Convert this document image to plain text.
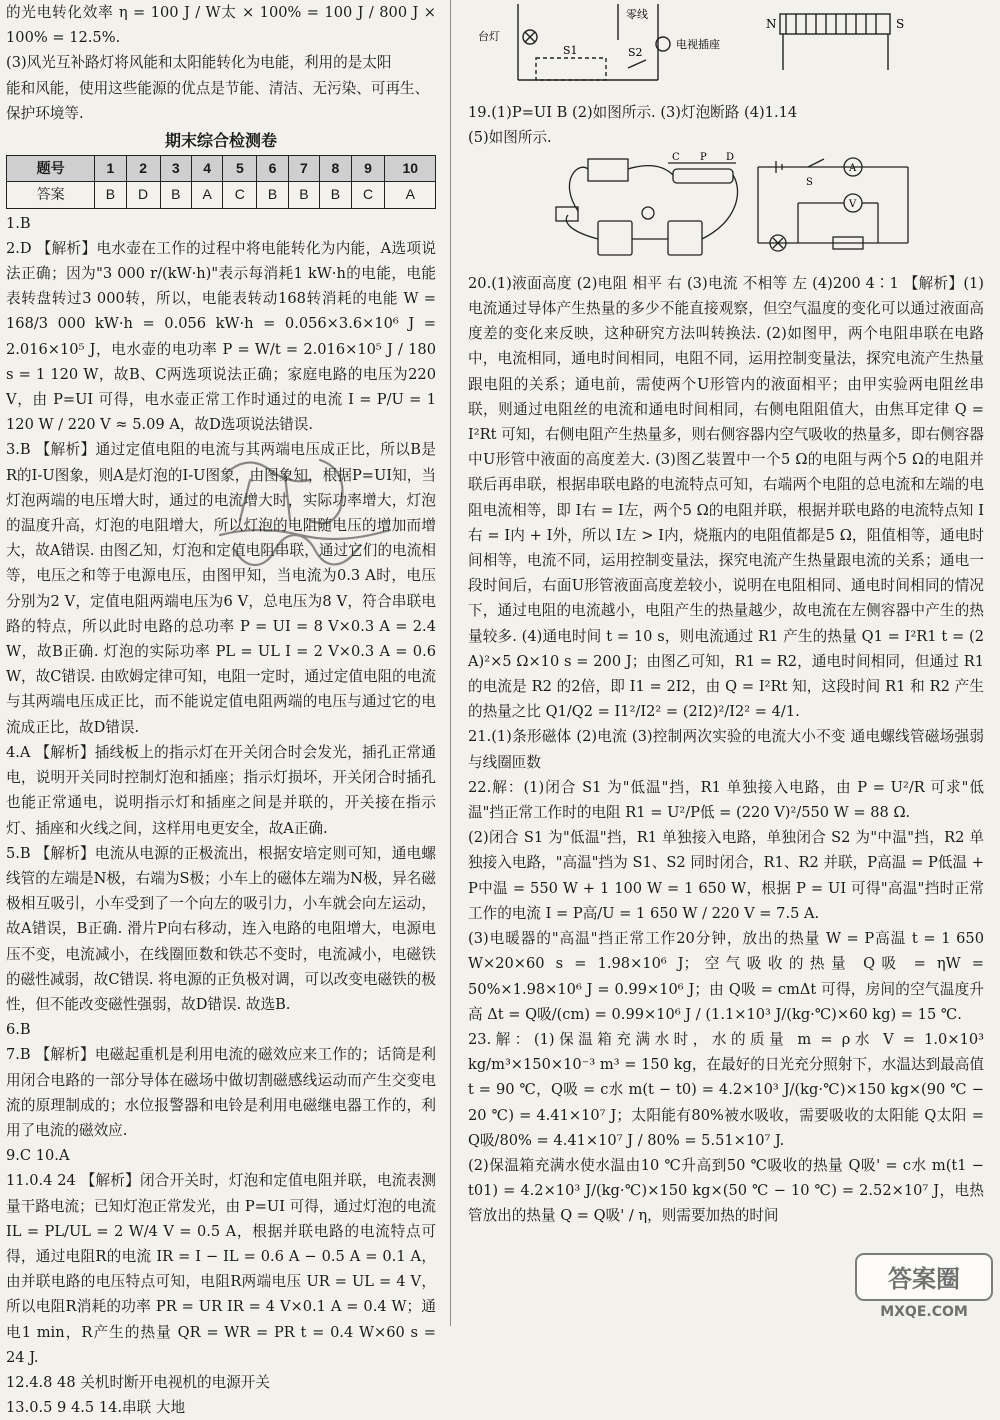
的光电转化效率 η = 100 J / W太 × 100% = 100 J / 800 J × 100% = 12.5%.

(3)风光互补路灯将风能和太阳能转化为电能，利用的是太阳

能和风能，使用这些能源的优点是节能、清洁、无污染、可再生、

保护环境等.

期末综合检测卷
题号	1	2	3	4	5	6	7	8	9	10
答案	B	D	B	A	C	B	B	B	C	A

1.B

2.D 【解析】电水壶在工作的过程中将电能转化为内能，A选项说法正确；因为"3 000 r/(kW·h)"表示每消耗1 kW·h的电能，电能表转盘转过3 000转，所以，电能表转动168转消耗的电能 W = 168/3 000 kW·h = 0.056 kW·h = 0.056×3.6×10⁶ J = 2.016×10⁵ J，电水壶的电功率 P = W/t = 2.016×10⁵ J / 180 s = 1 120 W，故B、C两选项说法正确；家庭电路的电压为220 V，由 P=UI 可得，电水壶正常工作时通过的电流 I = P/U = 1 120 W / 220 V ≈ 5.09 A，故D选项说法错误.

3.B 【解析】通过定值电阻的电流与其两端电压成正比，所以B是R的I-U图象，则A是灯泡的I-U图象，由图象知，根据P=UI知，当灯泡两端的电压增大时，通过的电流增大时，实际功率增大，灯泡的温度升高，灯泡的电阻增大，所以灯泡的电阻随电压的增加而增大，故A错误. 由图乙知，灯泡和定值电阻串联，通过它们的电流相等，电压之和等于电源电压，由图甲知，当电流为0.3 A时，电压分别为2 V，定值电阻两端电压为6 V，总电压为8 V，符合串联电路的特点，所以此时电路的总功率 P = UI = 8 V×0.3 A = 2.4 W，故B正确. 灯泡的实际功率 PL = UL I = 2 V×0.3 A = 0.6 W，故C错误. 由欧姆定律可知，电阻一定时，通过定值电阻的电流与其两端电压成正比，而不能说定值电阻两端的电压与通过它的电流成正比，故D错误.

4.A 【解析】插线板上的指示灯在开关闭合时会发光，插孔正常通电，说明开关同时控制灯泡和插座；指示灯损坏，开关闭合时插孔也能正常通电，说明指示灯和插座之间是并联的，开关接在指示灯、插座和火线之间，这样用电更安全，故A正确.

5.B 【解析】电流从电源的正极流出，根据安培定则可知，通电螺线管的左端是N极，右端为S极；小车上的磁体左端为N极，异名磁极相互吸引，小车受到了一个向左的吸引力，小车就会向左运动，故A错误，B正确. 滑片P向右移动，连入电路的电阻增大，电源电压不变，电流减小，在线圈匝数和铁芯不变时，电流减小，电磁铁的磁性减弱，故C错误. 将电源的正负极对调，可以改变电磁铁的极性，但不能改变磁性强弱，故D错误. 故选B.

6.B

7.B 【解析】电磁起重机是利用电流的磁效应来工作的；话筒是利用闭合电路的一部分导体在磁场中做切割磁感线运动而产生交变电流的原理制成的；水位报警器和电铃是利用电磁继电器工作的，利用了电流的磁效应.

9.C 10.A

11.0.4 24 【解析】闭合开关时，灯泡和定值电阻并联，电流表测量干路电流；已知灯泡正常发光，由 P=UI 可得，通过灯泡的电流 IL = PL/UL = 2 W/4 V = 0.5 A，根据并联电路的电流特点可得，通过电阻R的电流 IR = I − IL = 0.6 A − 0.5 A = 0.1 A，由并联电路的电压特点可知，电阻R两端电压 UR = UL = 4 V，所以电阻R消耗的功率 PR = UR IR = 4 V×0.1 A = 0.4 W；通电1 min，R产生的热量 QR = WR = PR t = 0.4 W×60 s = 24 J.

12.4.8 48 关机时断开电视机的电源开关

13.0.5 9 4.5 14.串联 大地

台灯
零线
电视插座
S1	S2
N	S

19.(1)P=UI B (2)如图所示. (3)灯泡断路 (4)1.14

(5)如图所示.

C P D
S
A
V

20.(1)液面高度 (2)电阻 相平 右 (3)电流 不相等 左 (4)200 4∶1 【解析】(1)电流通过导体产生热量的多少不能直接观察，但空气温度的变化可以通过液面高度差的变化来反映，这种研究方法叫转换法. (2)如图甲，两个电阻串联在电路中，电流相同，通电时间相同，电阻不同，运用控制变量法，探究电流产生热量跟电阻的关系；通电前，需使两个U形管内的液面相平；由甲实验两电阻丝串联，则通过电阻丝的电流和通电时间相同，右侧电阻阻值大，由焦耳定律 Q = I²Rt 可知，右侧电阻产生热量多，则右侧容器内空气吸收的热量多，即右侧容器中U形管中液面的高度差大. (3)图乙装置中一个5 Ω的电阻与两个5 Ω的电阻并联后再串联，根据串联电路的电流特点可知，右端两个电阻的总电流和左端的电阻电流相等，即 I右 = I左，两个5 Ω的电阻并联，根据并联电路的电流特点知 I右 = I内 + I外，所以 I左 > I内，烧瓶内的电阻值都是5 Ω，阻值相等，通电时间相等，电流不同，运用控制变量法，探究电流产生热量跟电流的关系；通电一段时间后，右面U形管液面高度差较小，说明在电阻相同、通电时间相同的情况下，通过电阻的电流越小，电阻产生的热量越少，故电流在左侧容器中产生的热量较多. (4)通电时间 t = 10 s，则电流通过 R1 产生的热量 Q1 = I²R1 t = (2 A)²×5 Ω×10 s = 200 J；由图乙可知，R1 = R2，通电时间相同，但通过 R1 的电流是 R2 的2倍，即 I1 = 2I2，由 Q = I²Rt 知，这段时间 R1 和 R2 产生的热量之比 Q1/Q2 = I1²/I2² = (2I2)²/I2² = 4/1.

21.(1)条形磁体 (2)电流 (3)控制两次实验的电流大小不变 通电螺线管磁场强弱与线圈匝数

22.解：(1)闭合 S1 为"低温"挡，R1 单独接入电路，由 P = U²/R 可求"低温"挡正常工作时的电阻 R1 = U²/P低 = (220 V)²/550 W = 88 Ω.

(2)闭合 S1 为"低温"挡，R1 单独接入电路，单独闭合 S2 为"中温"挡，R2 单独接入电路，"高温"挡为 S1、S2 同时闭合，R1、R2 并联，P高温 = P低温 + P中温 = 550 W + 1 100 W = 1 650 W，根据 P = UI 可得"高温"挡时正常工作的电流 I = P高/U = 1 650 W / 220 V = 7.5 A.

(3)电暖器的"高温"挡正常工作20分钟，放出的热量 W = P高温 t = 1 650 W×20×60 s = 1.98×10⁶ J；空气吸收的热量 Q吸 = ηW = 50%×1.98×10⁶ J = 0.99×10⁶ J；由 Q吸 = cmΔt 可得，房间的空气温度升高 Δt = Q吸/(cm) = 0.99×10⁶ J / (1.1×10³ J/(kg·℃)×60 kg) = 15 ℃.

23.解：(1)保温箱充满水时，水的质量 m = ρ水 V = 1.0×10³ kg/m³×150×10⁻³ m³ = 150 kg，在最好的日光充分照射下，水温达到最高值 t = 90 ℃，Q吸 = c水 m(t − t0) = 4.2×10³ J/(kg·℃)×150 kg×(90 ℃ − 20 ℃) = 4.41×10⁷ J；太阳能有80%被水吸收，需要吸收的太阳能 Q太阳 = Q吸/80% = 4.41×10⁷ J / 80% = 5.51×10⁷ J.

(2)保温箱充满水使水温由10 ℃升高到50 ℃吸收的热量 Q吸' = c水 m(t1 − t01) = 4.2×10³ J/(kg·℃)×150 kg×(50 ℃ − 10 ℃) = 2.52×10⁷ J，电热管放出的热量 Q = Q吸' / η，则需要加热的时间

答案圈
MXQE.COM
